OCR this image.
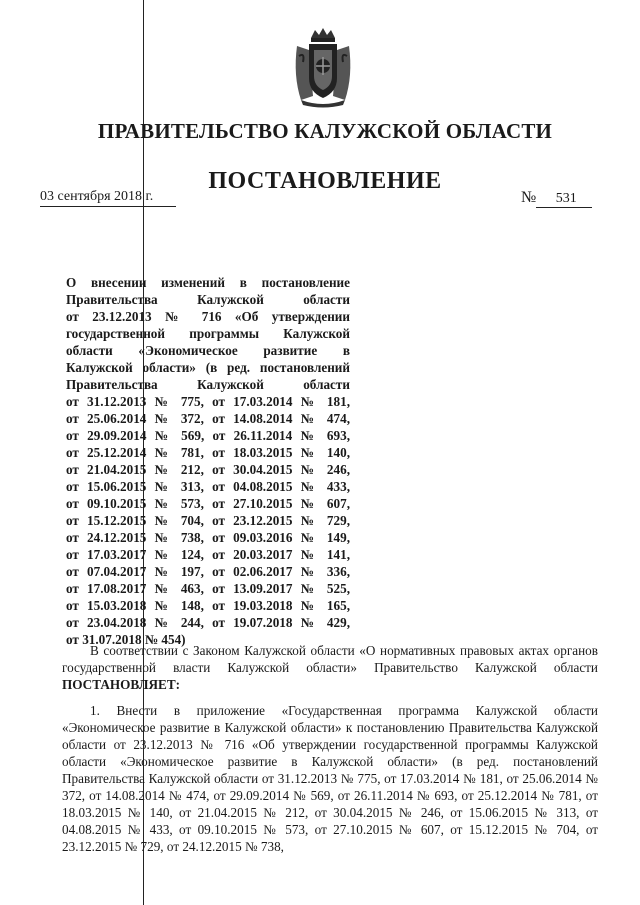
ПРАВИТЕЛЬСТВО КАЛУЖСКОЙ ОБЛАСТИ
ПОСТАНОВЛЕНИЕ
03 сентября 2018 г.	№ 531
О внесении изменений в постановление
Правительства Калужской области
от 23.12.2013 № 716 «Об утверждении
государственной программы Калужской
области «Экономическое развитие в
Калужской области» (в ред. постановлений
Правительства Калужской области
от 31.12.2013 № 775, от 17.03.2014 № 181,
от 25.06.2014 № 372, от 14.08.2014 № 474,
от 29.09.2014 № 569, от 26.11.2014 № 693,
от 25.12.2014 № 781, от 18.03.2015 № 140,
от 21.04.2015 № 212, от 30.04.2015 № 246,
от 15.06.2015 № 313, от 04.08.2015 № 433,
от 09.10.2015 № 573, от 27.10.2015 № 607,
от 15.12.2015 № 704, от 23.12.2015 № 729,
от 24.12.2015 № 738, от 09.03.2016 № 149,
от 17.03.2017 № 124, от 20.03.2017 № 141,
от 07.04.2017 № 197, от 02.06.2017 № 336,
от 17.08.2017 № 463, от 13.09.2017 № 525,
от 15.03.2018 № 148, от 19.03.2018 № 165,
от 23.04.2018 № 244, от 19.07.2018 № 429,
от 31.07.2018 № 454)

В соответствии с Законом Калужской области «О нормативных правовых актах органов государственной власти Калужской области» Правительство Калужской области ПОСТАНОВЛЯЕТ:

1. Внести в приложение «Государственная программа Калужской области «Экономическое развитие в Калужской области» к постановлению Правительства Калужской области от 23.12.2013 № 716 «Об утверждении государственной программы Калужской области «Экономическое развитие в Калужской области» (в ред. постановлений Правительства Калужской области от 31.12.2013 № 775, от 17.03.2014 № 181, от 25.06.2014 № 372, от 14.08.2014 № 474, от 29.09.2014 № 569, от 26.11.2014 № 693, от 25.12.2014 № 781, от 18.03.2015 № 140, от 21.04.2015 № 212, от 30.04.2015 № 246, от 15.06.2015 № 313, от 04.08.2015 № 433, от 09.10.2015 № 573, от 27.10.2015 № 607, от 15.12.2015 № 704, от 23.12.2015 № 729, от 24.12.2015 № 738,
